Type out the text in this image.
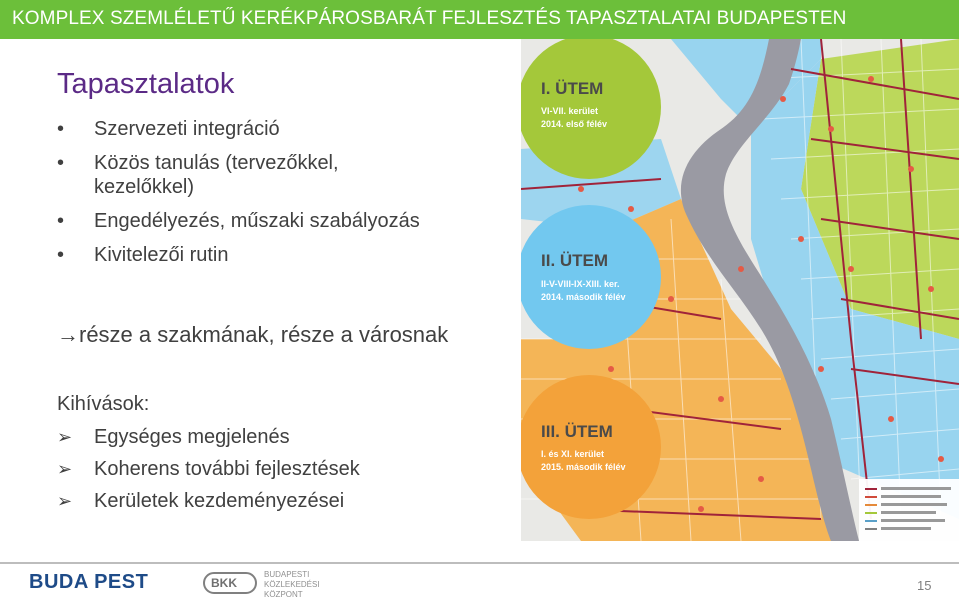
KOMPLEX SZEMLÉLETŰ KERÉKPÁROSBARÁT FEJLESZTÉS TAPASZTALATAI BUDAPESTEN
Tapasztalatok
• Szervezeti integráció
• Közös tanulás (tervezőkkel,
kezelőkkel)
• Engedélyezés, műszaki szabályozás
• Kivitelezői rutin
→része a szakmának, része a városnak
Kihívások:
➢ Egységes megjelenés
➢ Koherens további fejlesztések
➢ Kerületek kezdeményezései
I. ÜTEM
VI-VII. kerület
2014. első félév
II. ÜTEM
II-V-VIII-IX-XIII. ker.
2014. második félév
III. ÜTEM
I. és XI. kerület
2015. második félév
BUDA PEST	BKK
BUDAPESTI
KÖZLEKEDÉSI
KÖZPONT
15
